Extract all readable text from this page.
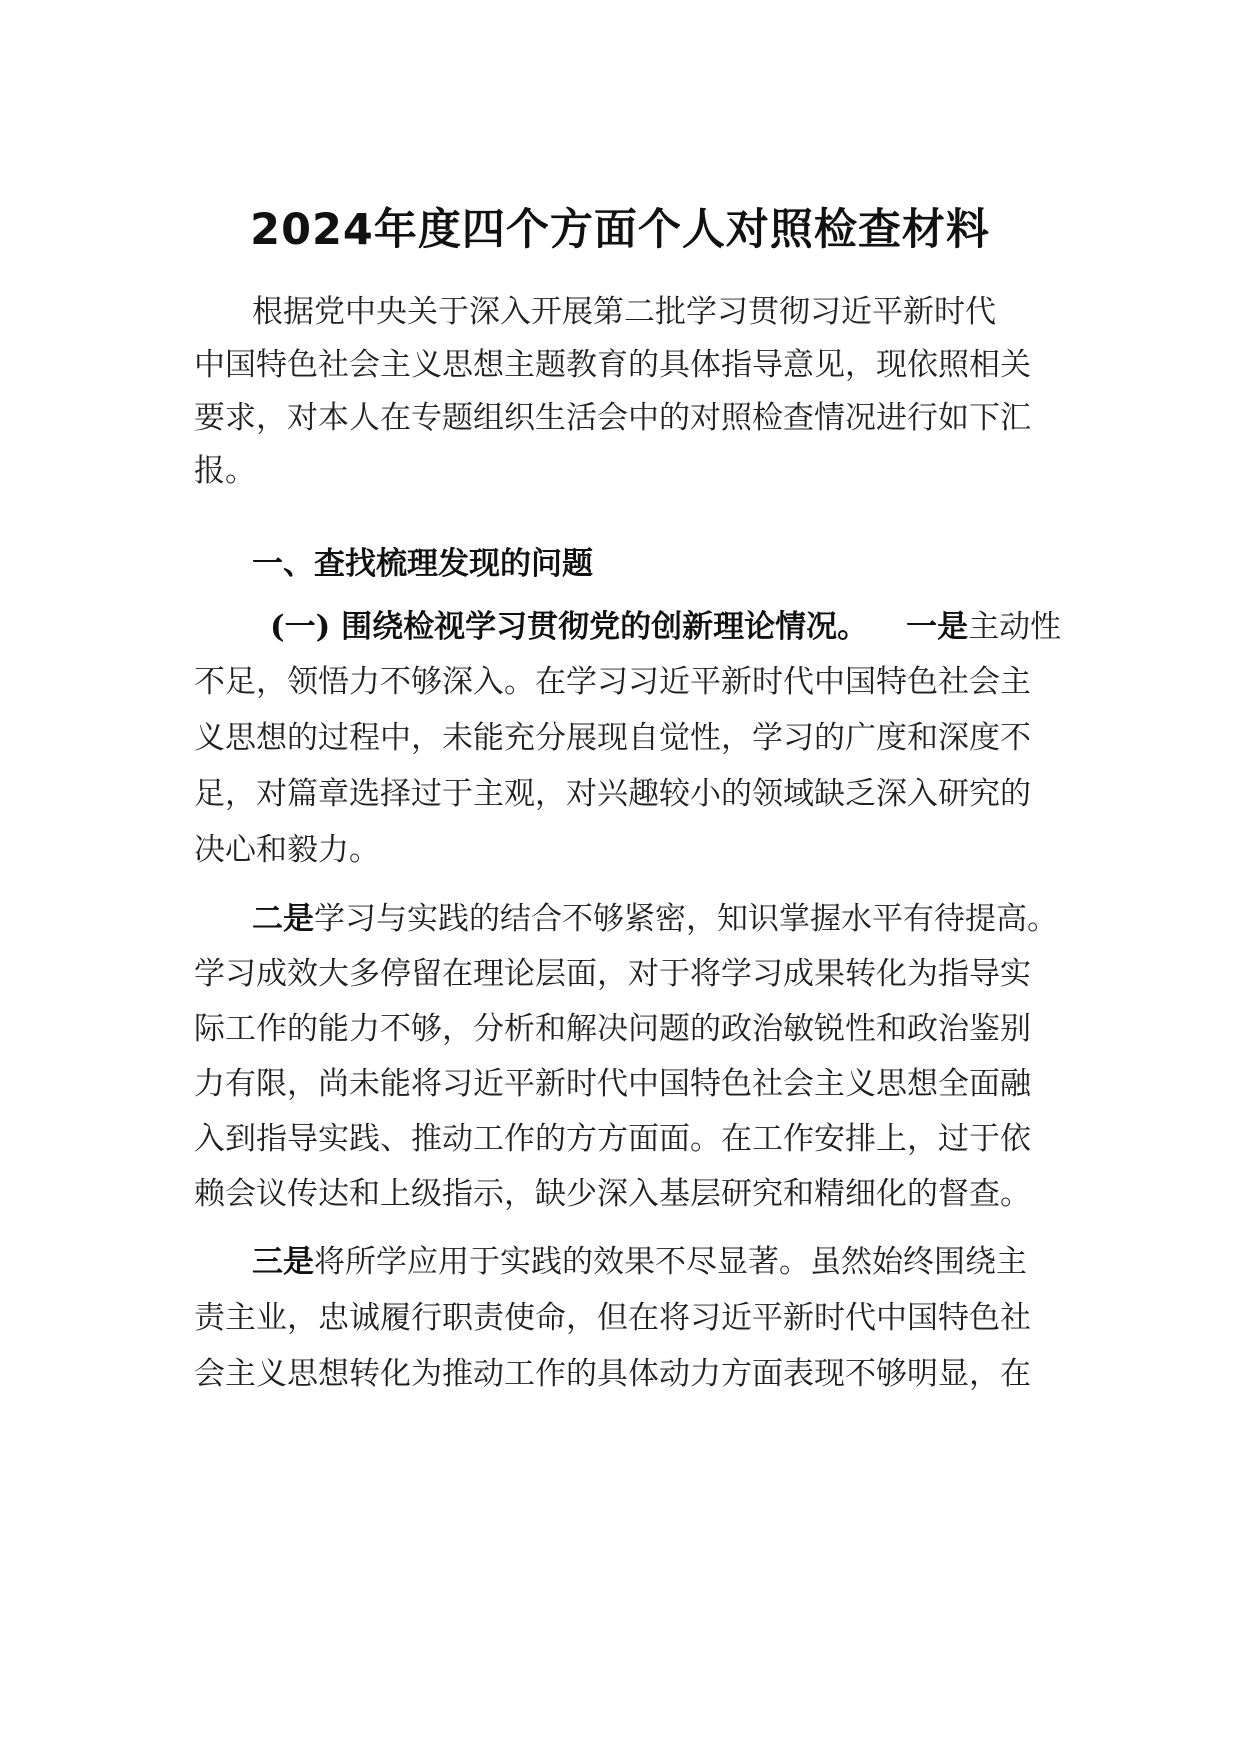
2024年度四个方面个人对照检查材料
根据党中央关于深入开展第二批学习贯彻习近平新时代
中国特色社会主义思想主题教育的具体指导意见，现依照相关
要求，对本人在专题组织生活会中的对照检查情况进行如下汇
报。
一、查找梳理发现的问题
(一) 围绕检视学习贯彻党的创新理论情况。 一是主动性
不足，领悟力不够深入。在学习习近平新时代中国特色社会主
义思想的过程中，未能充分展现自觉性，学习的广度和深度不
足，对篇章选择过于主观，对兴趣较小的领域缺乏深入研究的
决心和毅力。
二是学习与实践的结合不够紧密，知识掌握水平有待提高。
学习成效大多停留在理论层面，对于将学习成果转化为指导实
际工作的能力不够，分析和解决问题的政治敏锐性和政治鉴别
力有限，尚未能将习近平新时代中国特色社会主义思想全面融
入到指导实践、推动工作的方方面面。在工作安排上，过于依
赖会议传达和上级指示，缺少深入基层研究和精细化的督查。
三是将所学应用于实践的效果不尽显著。虽然始终围绕主
责主业，忠诚履行职责使命，但在将习近平新时代中国特色社
会主义思想转化为推动工作的具体动力方面表现不够明显，在
